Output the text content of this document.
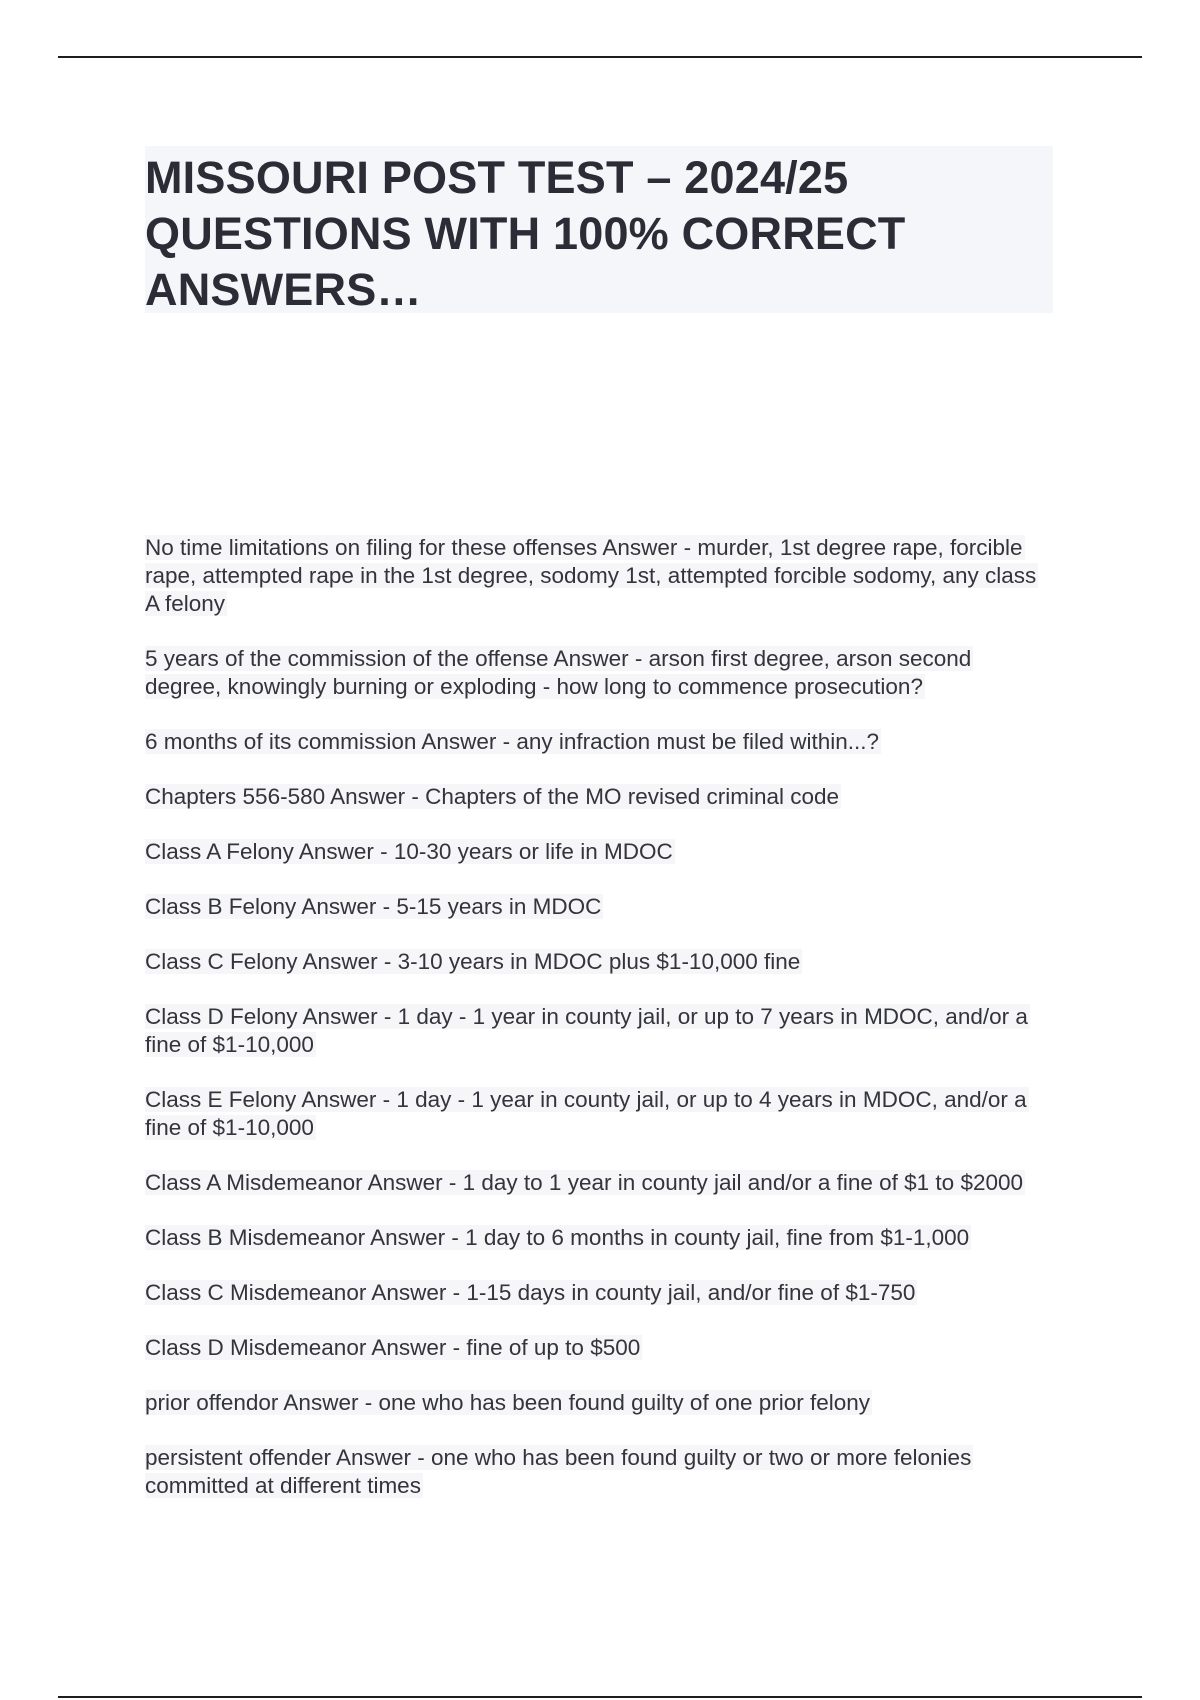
MISSOURI POST TEST – 2024/25 QUESTIONS WITH 100% CORRECT ANSWERS…
No time limitations on filing for these offenses Answer - murder, 1st degree rape, forcible rape, attempted rape in the 1st degree, sodomy 1st, attempted forcible sodomy, any class A felony
5 years of the commission of the offense Answer - arson first degree, arson second degree, knowingly burning or exploding - how long to commence prosecution?
6 months of its commission Answer - any infraction must be filed within...?
Chapters 556-580 Answer - Chapters of the MO revised criminal code
Class A Felony Answer - 10-30 years or life in MDOC
Class B Felony Answer - 5-15 years in MDOC
Class C Felony Answer - 3-10 years in MDOC plus $1-10,000 fine
Class D Felony Answer - 1 day - 1 year in county jail, or up to 7 years in MDOC, and/or a fine of $1-10,000
Class E Felony Answer - 1 day - 1 year in county jail, or up to 4 years in MDOC, and/or a fine of $1-10,000
Class A Misdemeanor Answer - 1 day to 1 year in county jail and/or a fine of $1 to $2000
Class B Misdemeanor Answer - 1 day to 6 months in county jail, fine from $1-1,000
Class C Misdemeanor Answer - 1-15 days in county jail, and/or fine of $1-750
Class D Misdemeanor Answer - fine of up to $500
prior offendor Answer - one who has been found guilty of one prior felony
persistent offender Answer - one who has been found guilty or two or more felonies committed at different times
